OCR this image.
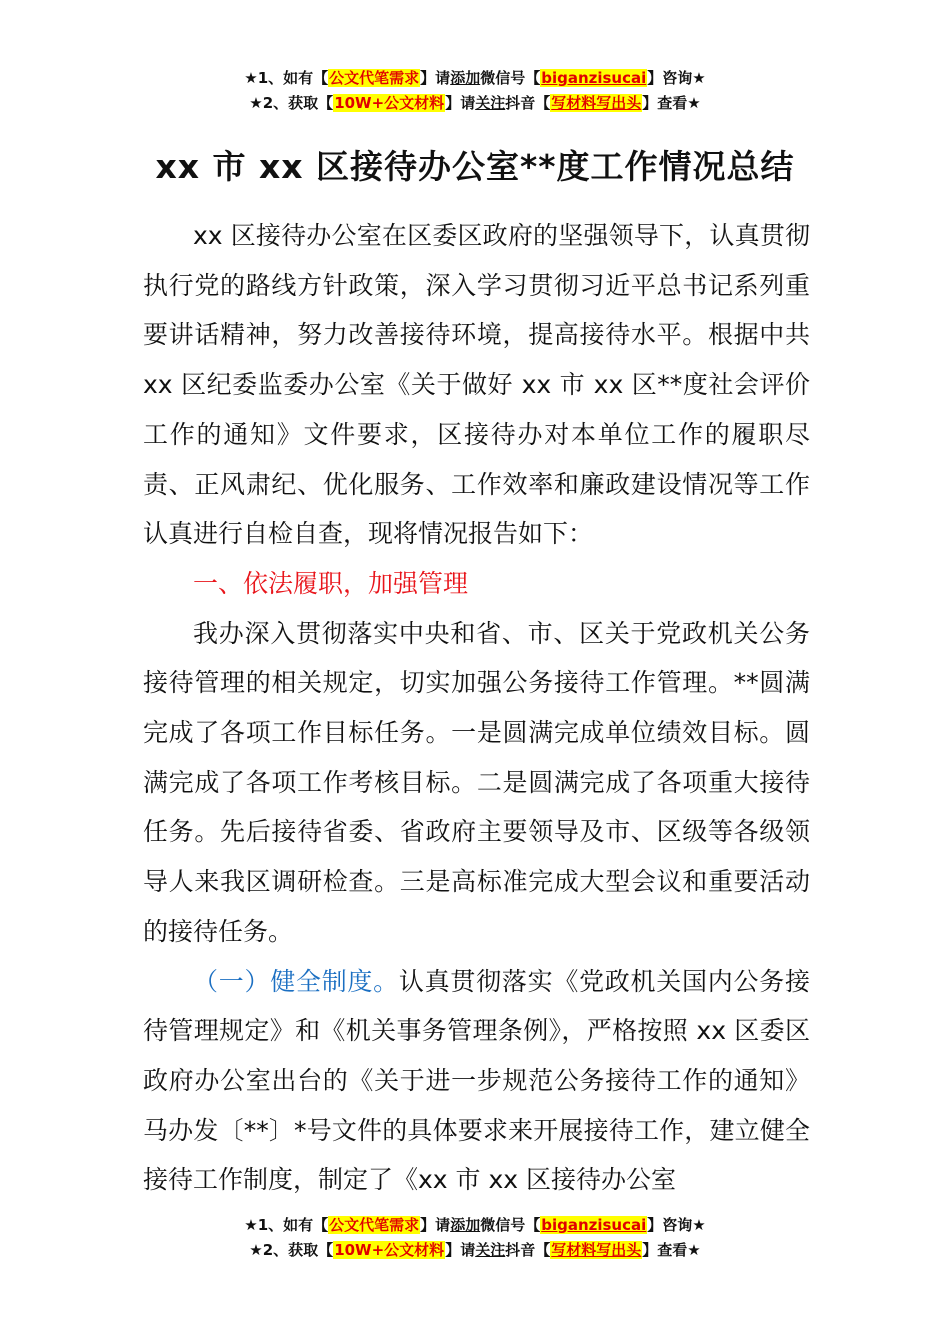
★1、如有【公文代笔需求】请添加微信号【biganzisucai】咨询★
★2、获取【10W+公文材料】请关注抖音【写材料写出头】查看★
xx 市 xx 区接待办公室**度工作情况总结

xx 区接待办公室在区委区政府的坚强领导下，认真贯彻执行党的路线方针政策，深入学习贯彻习近平总书记系列重要讲话精神，努力改善接待环境，提高接待水平。根据中共 xx 区纪委监委办公室《关于做好 xx 市 xx 区**度社会评价工作的通知》文件要求，区接待办对本单位工作的履职尽责、正风肃纪、优化服务、工作效率和廉政建设情况等工作认真进行自检自查，现将情况报告如下：

一、依法履职，加强管理

我办深入贯彻落实中央和省、市、区关于党政机关公务接待管理的相关规定，切实加强公务接待工作管理。**圆满完成了各项工作目标任务。一是圆满完成单位绩效目标。圆满完成了各项工作考核目标。二是圆满完成了各项重大接待任务。先后接待省委、省政府主要领导及市、区级等各级领导人来我区调研检查。三是高标准完成大型会议和重要活动的接待任务。

（一）健全制度。认真贯彻落实《党政机关国内公务接待管理规定》和《机关事务管理条例》，严格按照 xx 区委区政府办公室出台的《关于进一步规范公务接待工作的通知》马办发〔**〕*号文件的具体要求来开展接待工作，建立健全接待工作制度，制定了《xx 市 xx 区接待办公室

★1、如有【公文代笔需求】请添加微信号【biganzisucai】咨询★
★2、获取【10W+公文材料】请关注抖音【写材料写出头】查看★
